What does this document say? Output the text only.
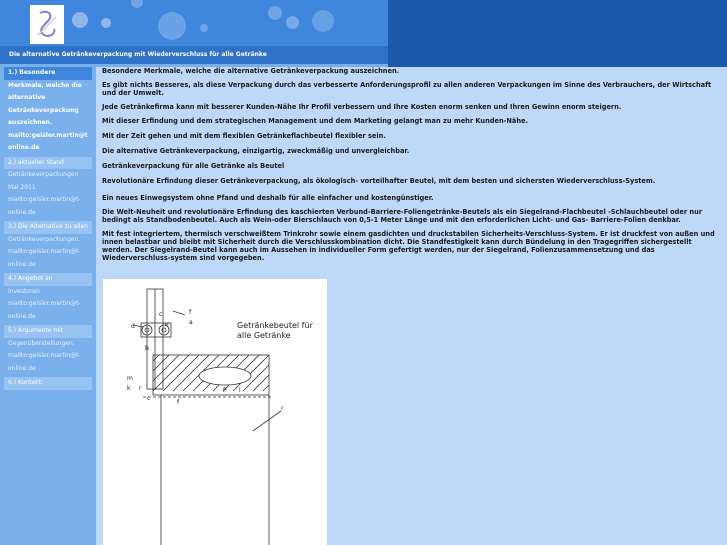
Die alternative Getränkeverpackung mit Wiederverschluss für alle Getränke
1.) Besondere
Merkmale, welche die
alternative
Getränkeverpackung
auszeichnen.
mailto:geisler.martin@t
online.de
2.) aktueller Stand
Getränkeverpackungen
Mai 2011
mailto:geisler.martin@t-
online.de
3.) Die Alternative zu allen
Getränkeverpackungen.
mailto:geisler.martin@t-
online.de
4.) Angebot an
Investoren
mailto:geisler.martin@t-
online.de
5.) Argumente mit
Gegenüberstellungen.
mailto:geisler.martin@t-
online.de
6.) Kontakt:

Besondere Merkmale, welche die alternative Getränkeverpackung auszeichnen.

Es gibt nichts Besseres, als diese Verpackung durch das verbesserte Anforderungsprofil zu allen anderen Verpackungen im Sinne des Verbrauchers, der Wirtschaft und der Umwelt.

Jede Getränkefirma kann mit besserer Kunden-Nähe Ihr Profil verbessern und Ihre Kosten enorm senken und Ihren Gewinn enorm steigern.

Mit dieser Erfindung und dem strategischen Management und dem Marketing gelangt man zu mehr Kunden-Nähe.

Mit der Zeit gehen und mit dem flexiblen Getränkeflachbeutel flexibler sein.

Die alternative Getränkeverpackung, einzigartig, zweckmäßig und unvergleichbar.

Getränkeverpackung für alle Getränke als Beutel

Revolutionäre Erfindung dieser Getränkeverpackung, als ökologisch- vorteilhafter Beutel, mit dem besten und sichersten Wiederverschluss-System.

Ein neues Einwegsystem ohne Pfand und deshalb für alle einfacher und kostengünstiger.

Die Welt-Neuheit und revolutionäre Erfindung des kaschierten Verbund-Barriere-Foliengetränke-Beutels als ein Siegelrand-Flachbeutel -Schlauchbeutel oder nur bedingt als Standbodenbeutel. Auch als Wein-oder Bierschlauch von 0,5-1 Meter Länge und mit den erforderlichen Licht- und Gas- Barriere-Folien denkbar.

Mit fest integriertem, thermisch verschweißtem Trinkrohr sowie einem gasdichten und druckstabilen Sicherheits-Verschluss-System. Er ist druckfest von außen und innen belastbar und bleibt mit Sicherheit durch die Verschlusskombination dicht. Die Standfestigkeit kann durch Bündelung in den Tragegriffen sichergestellt werden. Der Siegelrand-Beutel kann auch im Aussehen in individueller Form gefertigt werden, nur der Siegelrand, Folienzusammensetzung und das Wiederverschluss-system sind vorgegeben.

Getränkebeutel für
alle Getränke
f
a
d
c
e
b
m
k r
c
f
P
r
l
